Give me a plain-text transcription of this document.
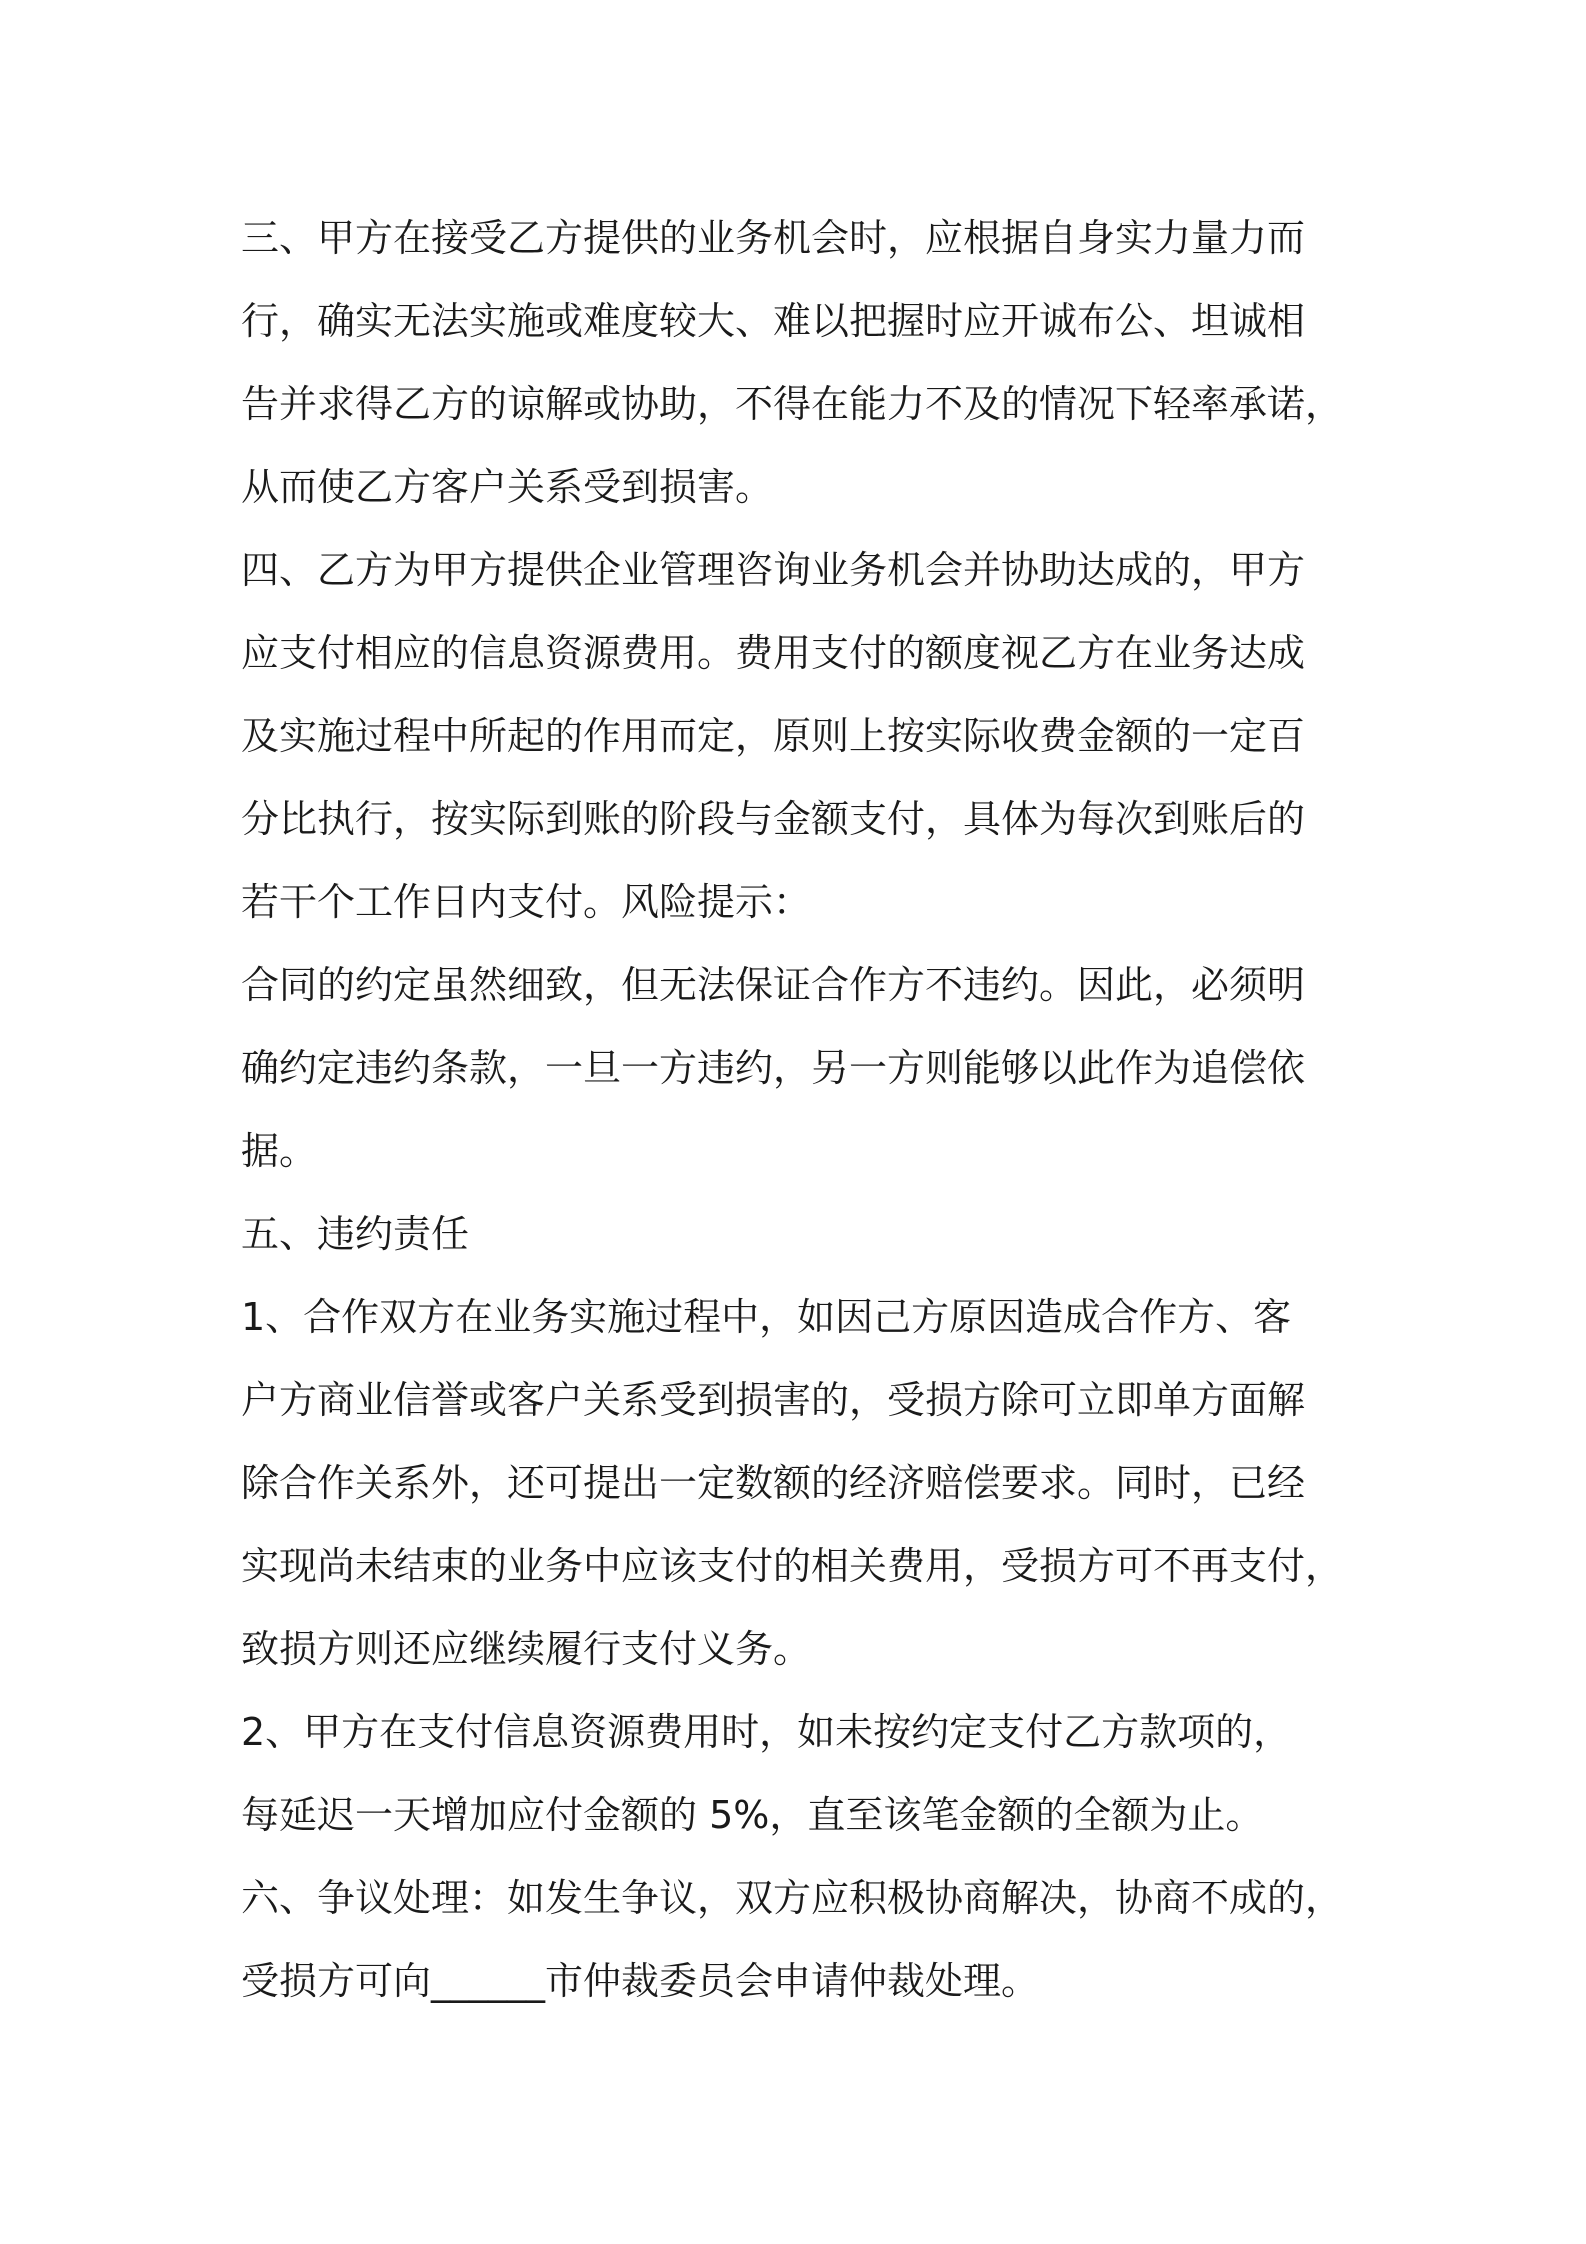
三、甲方在接受乙方提供的业务机会时，应根据自身实力量力而
行，确实无法实施或难度较大、难以把握时应开诚布公、坦诚相
告并求得乙方的谅解或协助，不得在能力不及的情况下轻率承诺，
从而使乙方客户关系受到损害。
四、乙方为甲方提供企业管理咨询业务机会并协助达成的，甲方
应支付相应的信息资源费用。费用支付的额度视乙方在业务达成
及实施过程中所起的作用而定，原则上按实际收费金额的一定百
分比执行，按实际到账的阶段与金额支付，具体为每次到账后的
若干个工作日内支付。风险提示：
合同的约定虽然细致，但无法保证合作方不违约。因此，必须明
确约定违约条款，一旦一方违约，另一方则能够以此作为追偿依
据。
五、违约责任
1、合作双方在业务实施过程中，如因己方原因造成合作方、客
户方商业信誉或客户关系受到损害的，受损方除可立即单方面解
除合作关系外，还可提出一定数额的经济赔偿要求。同时，已经
实现尚未结束的业务中应该支付的相关费用，受损方可不再支付，
致损方则还应继续履行支付义务。
2、甲方在支付信息资源费用时，如未按约定支付乙方款项的，
每延迟一天增加应付金额的 5%，直至该笔金额的全额为止。
六、争议处理：如发生争议，双方应积极协商解决，协商不成的，
受损方可向______市仲裁委员会申请仲裁处理。
